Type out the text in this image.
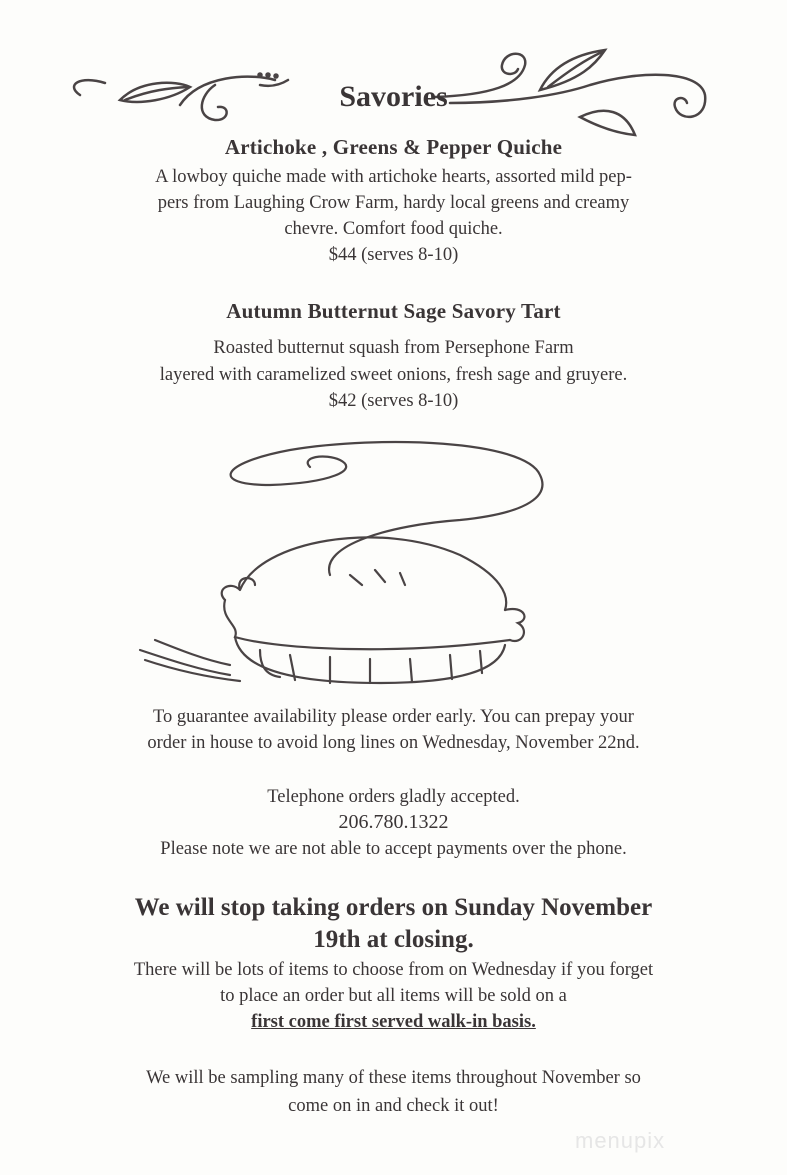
Savories
Artichoke , Greens & Pepper Quiche
A lowboy quiche made with artichoke hearts, assorted mild pep-
pers from Laughing Crow Farm, hardy local greens and creamy
chevre. Comfort food quiche.
$44 (serves 8-10)
Autumn Butternut Sage Savory Tart
Roasted butternut squash from Persephone Farm
layered with caramelized sweet onions, fresh sage and gruyere.
$42 (serves 8-10)
To guarantee availability please order early. You can prepay your
order in house to avoid long lines on Wednesday, November 22nd.
Telephone orders gladly accepted.
206.780.1322
Please note we are not able to accept payments over the phone.
We will stop taking orders on Sunday November
19th at closing.
There will be lots of items to choose from on Wednesday if you forget
to place an order but all items will be sold on a
first come first served walk-in basis.
We will be sampling many of these items throughout November so
come on in and check it out!
menupix
